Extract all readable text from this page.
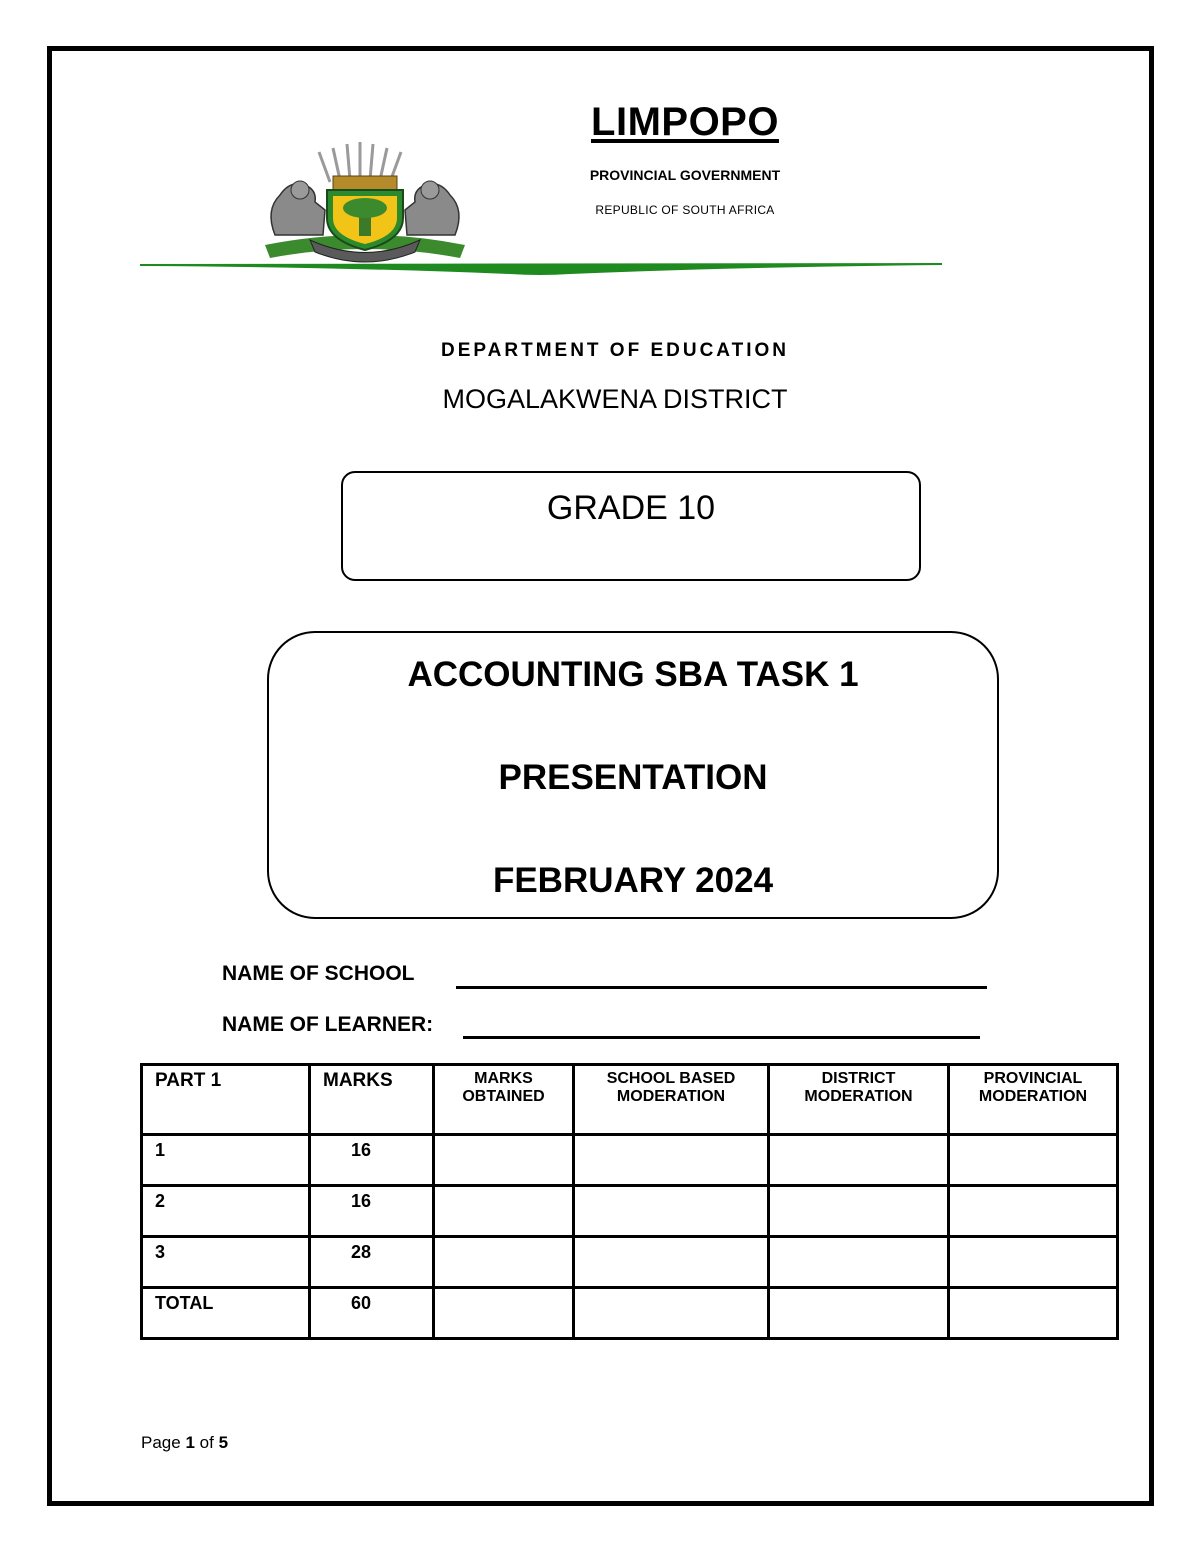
LIMPOPO
PROVINCIAL GOVERNMENT
REPUBLIC OF SOUTH AFRICA
DEPARTMENT OF EDUCATION
MOGALAKWENA DISTRICT
GRADE 10
ACCOUNTING SBA TASK 1
PRESENTATION
FEBRUARY 2024
NAME OF SCHOOL
NAME OF LEARNER:
PART 1	MARKS	MARKS OBTAINED	SCHOOL BASED MODERATION	DISTRICT MODERATION	PROVINCIAL MODERATION
1	16				
2	16				
3	28				
TOTAL	60				
Page 1 of 5
